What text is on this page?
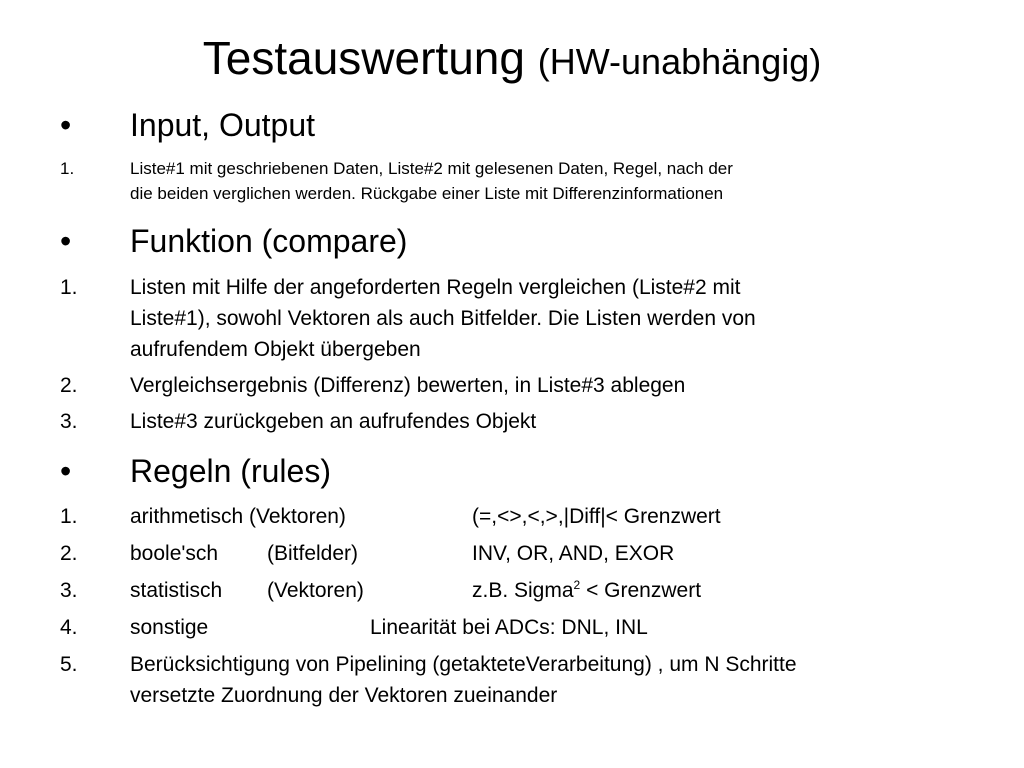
Testauswertung (HW-unabhängig)
• Input, Output
1.	Liste#1 mit geschriebenen Daten, Liste#2 mit gelesenen Daten, Regel, nach der
die beiden verglichen werden. Rückgabe einer Liste mit Differenzinformationen
• Funktion (compare)
1. Listen mit Hilfe der angeforderten Regeln vergleichen (Liste#2 mit
Liste#1), sowohl Vektoren als auch Bitfelder. Die Listen werden von
aufrufendem Objekt übergeben
2. Vergleichsergebnis (Differenz) bewerten, in Liste#3 ablegen
3. Liste#3 zurückgeben an aufrufendes Objekt
• Regeln (rules)
1. arithmetisch (Vektoren)	(=,<>,<,>,|Diff|< Grenzwert
2. boole'sch (Bitfelder)	INV, OR, AND, EXOR
3. statistisch (Vektoren)	z.B. Sigma$^2$ < Grenzwert
4. sonstige	Linearität bei ADCs: DNL, INL
5. Berücksichtigung von Pipelining (getakteteVerarbeitung) , um N Schritte
versetzte Zuordnung der Vektoren zueinander
